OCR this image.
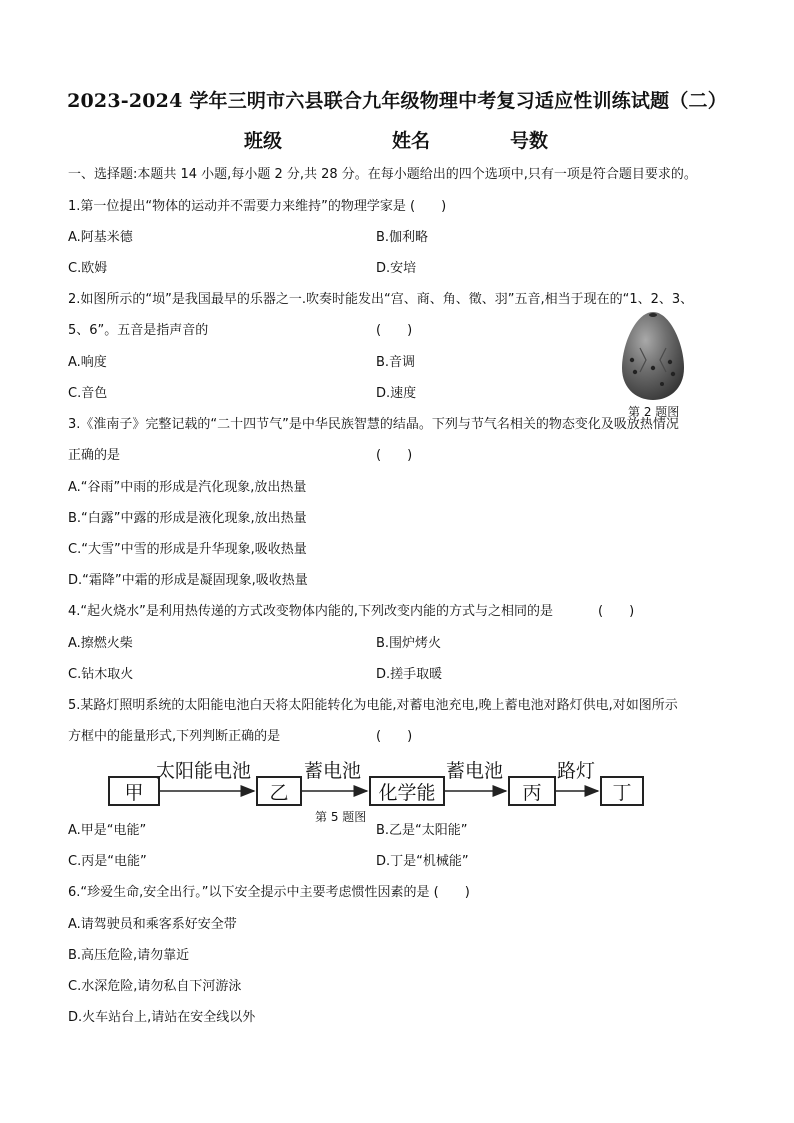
2023-2024 学年三明市六县联合九年级物理中考复习适应性训练试题（二）
班级	姓名	号数
一、选择题:本题共 14 小题,每小题 2 分,共 28 分。在每小题给出的四个选项中,只有一项是符合题目要求的。
1.第一位提出“物体的运动并不需要力来维持”的物理学家是 (　　)
A.阿基米德	B.伽利略
C.欧姆	D.安培
2.如图所示的“埙”是我国最早的乐器之一.吹奏时能发出“宫、商、角、徵、羽”五音,相当于现在的“1、2、3、
5、6”。五音是指声音的	(　　)
A.响度	B.音调
C.音色	D.速度
第 2 题图
3.《淮南子》完整记载的“二十四节气”是中华民族智慧的结晶。下列与节气名相关的物态变化及吸放热情况
正确的是	(　　)
A.“谷雨”中雨的形成是汽化现象,放出热量
B.“白露”中露的形成是液化现象,放出热量
C.“大雪”中雪的形成是升华现象,吸收热量
D.“霜降”中霜的形成是凝固现象,吸收热量
4.“起火烧水”是利用热传递的方式改变物体内能的,下列改变内能的方式与之相同的是	(　　)
A.擦燃火柴	B.围炉烤火
C.钻木取火	D.搓手取暖
5.某路灯照明系统的太阳能电池白天将太阳能转化为电能,对蓄电池充电,晚上蓄电池对路灯供电,对如图所示
方框中的能量形式,下列判断正确的是	(　　)
甲	乙	化学能	丙	丁
太阳能电池	蓄电池	蓄电池	路灯
第 5 题图
A.甲是“电能”	B.乙是“太阳能”
C.丙是“电能”	D.丁是“机械能”
6.“珍爱生命,安全出行。”以下安全提示中主要考虑惯性因素的是 (　　)
A.请驾驶员和乘客系好安全带
B.高压危险,请勿靠近
C.水深危险,请勿私自下河游泳
D.火车站台上,请站在安全线以外
